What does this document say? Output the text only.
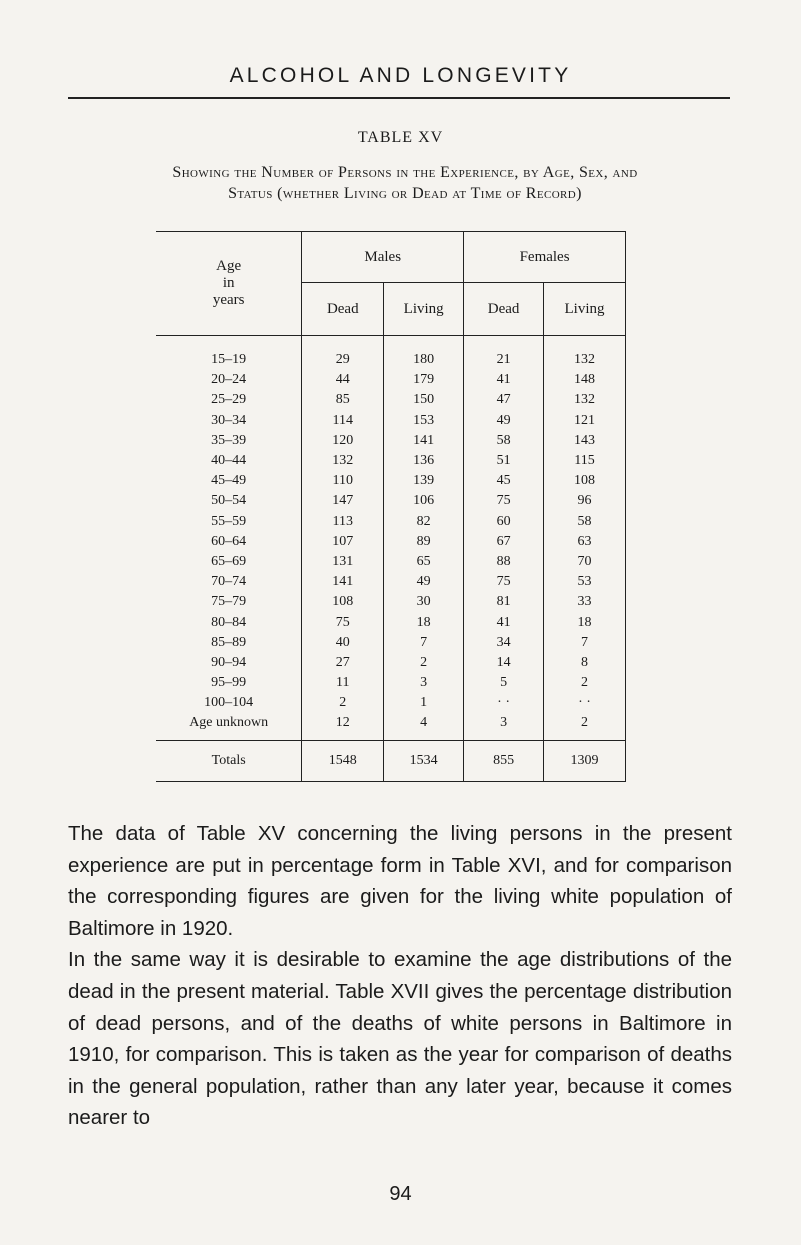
ALCOHOL AND LONGEVITY
TABLE XV
Showing the Number of Persons in the Experience, by Age, Sex, and
Status (whether Living or Dead at Time of Record)
Age
in
years	Males		Females	
	Dead	Living	Dead	Living

15–19	29	180	21	132
20–24	44	179	41	148
25–29	85	150	47	132
30–34	114	153	49	121
35–39	120	141	58	143
40–44	132	136	51	115
45–49	110	139	45	108
50–54	147	106	75	96
55–59	113	82	60	58
60–64	107	89	67	63
65–69	131	65	88	70
70–74	141	49	75	53
75–79	108	30	81	33
80–84	75	18	41	18
85–89	40	7	34	7
90–94	27	2	14	8
95–99	11	3	5	2
100–104	2	1	· ·	· ·
Age unknown	12	4	3	2

Totals	1548	1534	855	1309

The data of Table XV concerning the living persons in the present experience are put in percentage form in Table XVI, and for comparison the corresponding figures are given for the living white population of Baltimore in 1920.

In the same way it is desirable to examine the age distributions of the dead in the present material. Table XVII gives the percentage distribution of dead persons, and of the deaths of white persons in Baltimore in 1910, for comparison. This is taken as the year for comparison of deaths in the general population, rather than any later year, because it comes nearer to

94
